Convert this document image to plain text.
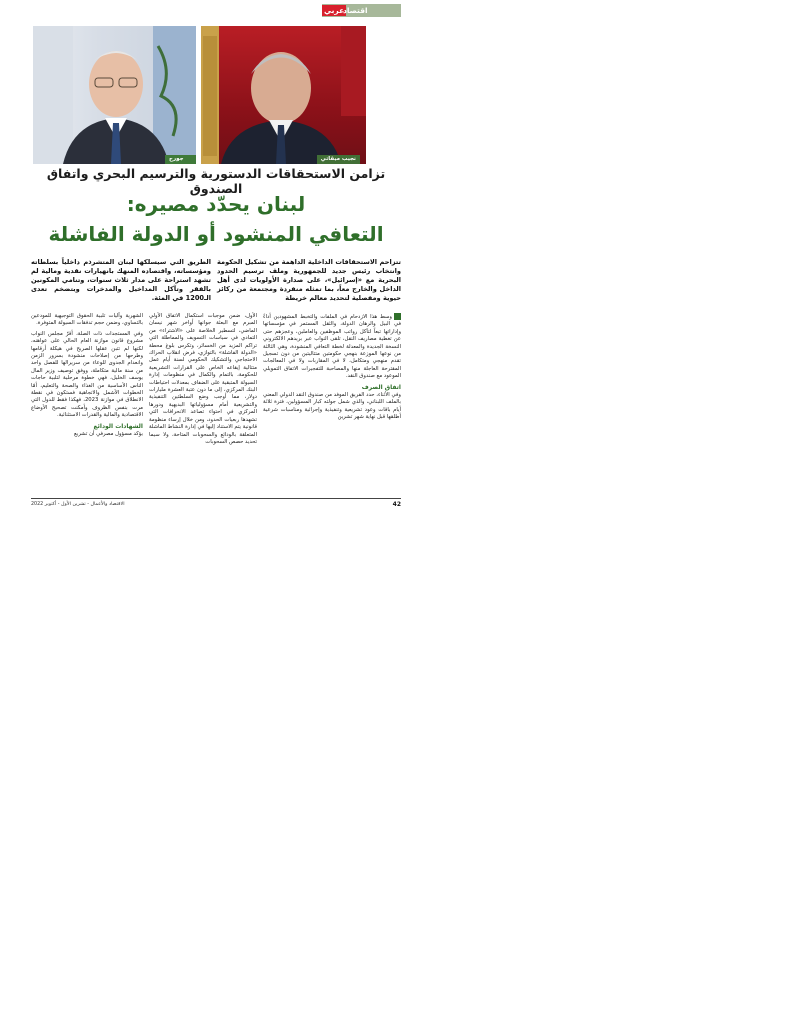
عربي
اقتصاد
جورج	نجيب ميقاتي
تزامن الاستحقاقات الدستورية والترسيم البحري واتفاق الصندوق
لبنان يحدّد مصيره:
التعافي المنشود أو الدولة الفاشلة
تتزاحم الاستحقاقات الداخلية الداهمة من تشكيل الحكومة وانتخاب رئيس جديد للجمهورية وملف ترسيم الحدود البحرية مع «إسرائيل»، على صدارة الأولويات لدى أهل الداخل والخارج معاً، بما تمثله منفردة ومجتمعة من ركائز حيوية ومفصلية لتحديد معالم خريطة
الطريق التي سيسلكها لبنان المتشرذم داخلياً بسلطاته ومؤسساته، واقتصاده المنهك بانهيارات نقدية ومالية لم تشهد استراحة على مدار ثلاث سنوات، وتنامي المكونين بالفقر وتآكل المداخيل والمدخرات وبتضخم تعدى الـ1200 في المئة.

وسط هذا الازدحام في الملفات والتخبط المشهودين أداءً في البيل والرهان الدولة، والثقل المستمر في مؤسساتها وإداراتها تبعاً لتآكل رواتب الموظفين والعاملين، وعجزهم حتى عن تغطية مصاريف النقل، تلقى النواب عبر بريدهم الالكتروني النسخة الجديدة والمعدلة لخطة التعافي المنشودة، وهي الثالثة من نوعها الموزعة بنهجي حكومتين متتاليتين من دون تسجيل تقدم منهجي ومتكامل، لا في المقاربات ولا في المعالجات المقترحة العاجلة منها والمصاحبة للتفجيرات الاتفاق التمويلي الموعود مع صندوق النقد.

اتفاق الصرف

وفي الأثناء، حدد الفريق الموفد من صندوق النقد الدولي المعني بالملف اللبناني، والذي شمل جولته كبار المسؤولين، فترة ثلاثة أيام باقات وعود تشريعية وتنفيذية وإجرائية ومناسبات شرعية أطلقها قبل نهاية شهر تشرين

الأول، ضمن موجبات استكمال الاتفاق الأولي المبرم مع البعثة جوانها أواخر شهر نيسان الماضي، لتسطير الخلاصة على «الاشتراء» من التمادي في سياسات التسويف والمماطلة التي تراكم المزيد من الخسائر، وتكرس بلوغ محطة «الدولة الفاشلة» بالتوازي، فرض انقلاب الحراك الاحتجاجي والتشكيك الحكومي لسنة أيام عمل متتالية إيقاعه الخاص على القرارات التشريعية للحكومة، بالتمام والكمال في منظومات إدارة السيولة المتبقية على الضفاف بمعدلات احتياطات البنك المركزي، إلى ما دون عتبة العشرة مليارات دولار، مما أوجب وضع السلطتين التنفيذية والتشريعية أمام مسؤولياتها البديهية ودورها المركزي في احتواء تصاعد الانحرافات التي تشهدها ربعيات الحدود، ومن خلال إرساء منظومة قانونية يتم الاستناد إليها في إدارة النشاط الماشلة المتعلقة بالودائع والسحوبات المتاحة، ولا سيما تحديد حصص السحوبات

الشهرية وآليات تلبية الحقوق التوجيهية للمودعين بالتساوي، وضمن حجم تدفقات السيولة المتوفرة.

وفي المستجدات ذات الصلة، أقرّ مجلس النواب مشروع قانون موازنة العام الحالي على عواهنه، لكنها لم تتبن عقلها الصريح في هيكلة أرقامها وطرحها من إصلاحات منشودة بسرور الزمن وانعدام الجدوى للوعاء من سريرالها للفصل واحد من سنة مالية متكاملة، ووفق توصيف وزير المال يوسف الخليل، فهي خطوة مرحلية لتلبية حاجات الناس الأساسية من الغذاء والصحة والتعليم، أمّا الخطوات الأشمل والاتجاهية فستكون في نقطة الانطلاق في موازنة 2023، فهكذا فقط للدول التي مرت بنفس الظروف وأمكنت تصحيح الأوضاع الاقتصادية والمالية والقدرات الاستثنائية.

الشهادات الودائع

يؤكد مسؤول مصرفي أن تشريع

42
الاقتصاد والأعمال - تشرين الأول - أكتوبر 2022
